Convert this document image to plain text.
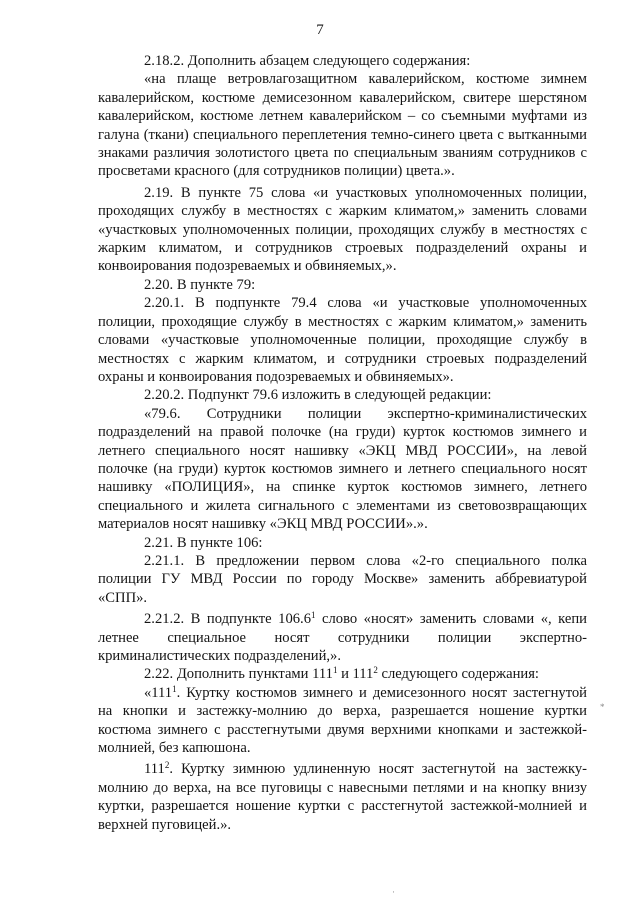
7

2.18.2. Дополнить абзацем следующего содержания:

«на плаще ветровлагозащитном кавалерийском, костюме зимнем кавалерийском, костюме демисезонном кавалерийском, свитере шерстяном кавалерийском, костюме летнем кавалерийском – со съемными муфтами из галуна (ткани) специального переплетения темно-синего цвета с вытканными знаками различия золотистого цвета по специальным званиям сотрудников с просветами красного (для сотрудников полиции) цвета.».

2.19. В пункте 75 слова «и участковых уполномоченных полиции, проходящих службу в местностях с жарким климатом,» заменить словами «участковых уполномоченных полиции, проходящих службу в местностях с жарким климатом, и сотрудников строевых подразделений охраны и конвоирования подозреваемых и обвиняемых,».

2.20. В пункте 79:

2.20.1. В подпункте 79.4 слова «и участковые уполномоченных полиции, проходящие службу в местностях с жарким климатом,» заменить словами «участковые уполномоченные полиции, проходящие службу в местностях с жарким климатом, и сотрудники строевых подразделений охраны и конвоирования подозреваемых и обвиняемых».

2.20.2. Подпункт 79.6 изложить в следующей редакции:

«79.6. Сотрудники полиции экспертно-криминалистических подразделений на правой полочке (на груди) курток костюмов зимнего и летнего специального носят нашивку «ЭКЦ МВД РОССИИ», на левой полочке (на груди) курток костюмов зимнего и летнего специального носят нашивку «ПОЛИЦИЯ», на спинке курток костюмов зимнего, летнего специального и жилета сигнального с элементами из световозвращающих материалов носят нашивку «ЭКЦ МВД РОССИИ».».

2.21. В пункте 106:

2.21.1. В предложении первом слова «2-го специального полка полиции ГУ МВД России по городу Москве» заменить аббревиатурой «СПП».

2.21.2. В подпункте 106.6$^1$ слово «носят» заменить словами «, кепи летнее специальное носят сотрудники полиции экспертно-криминалистических подразделений,».

2.22. Дополнить пунктами $111^1$ и $111^2$ следующего содержания:

«$111^1$. Куртку костюмов зимнего и демисезонного носят застегнутой на кнопки и застежку-молнию до верха, разрешается ношение куртки костюма зимнего с расстегнутыми двумя верхними кнопками и застежкой-молнией, без капюшона.

$111^2$. Куртку зимнюю удлиненную носят застегнутой на застежку-молнию до верха, на все пуговицы с навесными петлями и на кнопку внизу куртки, разрешается ношение куртки с расстегнутой застежкой-молнией и верхней пуговицей.».

*
·
